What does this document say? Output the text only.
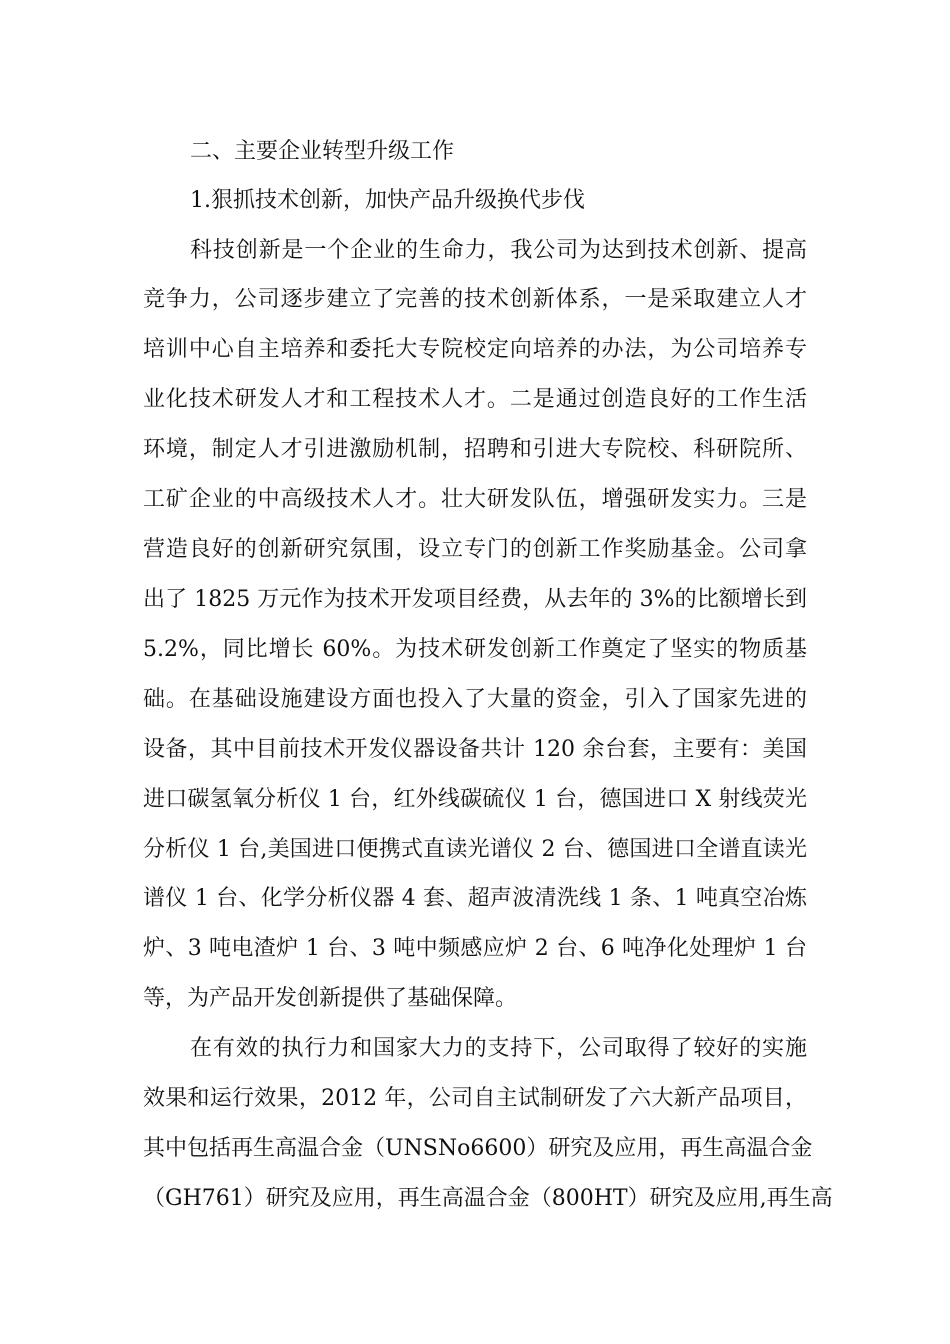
二、主要企业转型升级工作

1.狠抓技术创新，加快产品升级换代步伐

科技创新是一个企业的生命力，我公司为达到技术创新、提高

竞争力，公司逐步建立了完善的技术创新体系，一是采取建立人才

培训中心自主培养和委托大专院校定向培养的办法，为公司培养专

业化技术研发人才和工程技术人才。二是通过创造良好的工作生活

环境，制定人才引进激励机制，招聘和引进大专院校、科研院所、

工矿企业的中高级技术人才。壮大研发队伍，增强研发实力。三是

营造良好的创新研究氛围，设立专门的创新工作奖励基金。公司拿

出了 1825 万元作为技术开发项目经费，从去年的 3%的比额增长到

5.2%，同比增长 60%。为技术研发创新工作奠定了坚实的物质基

础。在基础设施建设方面也投入了大量的资金，引入了国家先进的

设备，其中目前技术开发仪器设备共计 120 余台套，主要有：美国

进口碳氢氧分析仪 1 台，红外线碳硫仪 1 台，德国进口 X 射线荧光

分析仪 1 台,美国进口便携式直读光谱仪 2 台、德国进口全谱直读光

谱仪 1 台、化学分析仪器 4 套、超声波清洗线 1 条、1 吨真空冶炼

炉、3 吨电渣炉 1 台、3 吨中频感应炉 2 台、6 吨净化处理炉 1 台

等，为产品开发创新提供了基础保障。

在有效的执行力和国家大力的支持下，公司取得了较好的实施

效果和运行效果，2012 年，公司自主试制研发了六大新产品项目，

其中包括再生高温合金（UNSNo6600）研究及应用，再生高温合金

（GH761）研究及应用，再生高温合金（800HT）研究及应用,再生高
